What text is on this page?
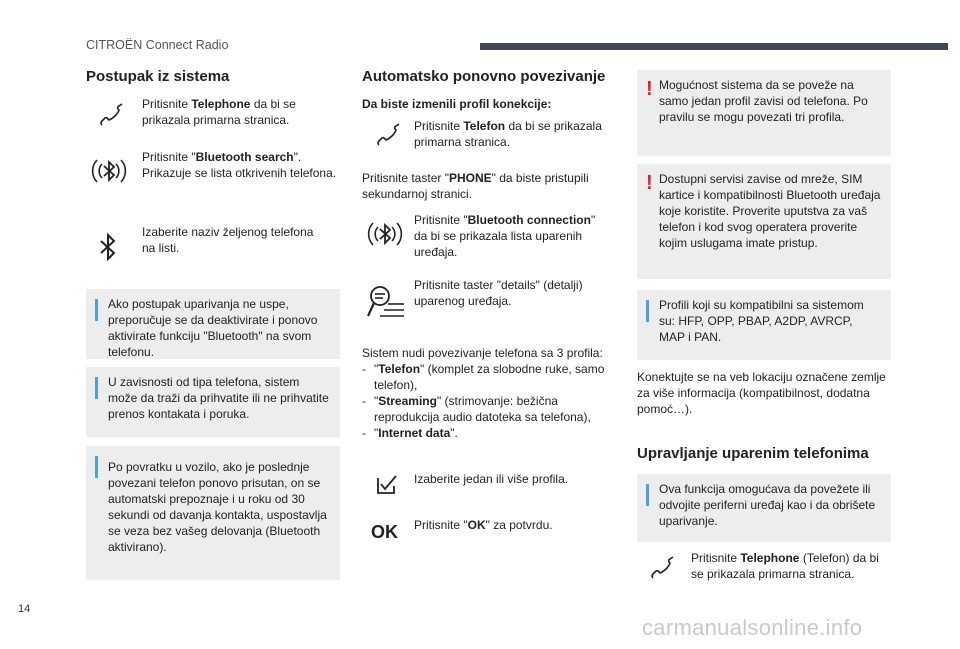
CITROËN Connect Radio
Postupak iz sistema
Pritisnite Telephone da bi se prikazala primarna stranica.
Pritisnite "Bluetooth search". Prikazuje se lista otkrivenih telefona.
Izaberite naziv željenog telefona na listi.
Ako postupak uparivanja ne uspe, preporučuje se da deaktivirate i ponovo aktivirate funkciju "Bluetooth" na svom telefonu.
U zavisnosti od tipa telefona, sistem može da traži da prihvatite ili ne prihvatite prenos kontakata i poruka.
Po povratku u vozilo, ako je poslednje povezani telefon ponovo prisutan, on se automatski prepoznaje i u roku od 30 sekundi od davanja kontakta, uspostavlja se veza bez vašeg delovanja (Bluetooth aktivirano).
Automatsko ponovno povezivanje
Da biste izmenili profil konekcije:
Pritisnite Telefon da bi se prikazala primarna stranica.
Pritisnite taster "PHONE" da biste pristupili sekundarnoj stranici.
Pritisnite "Bluetooth connection" da bi se prikazala lista uparenih uređaja.
Pritisnite taster "details" (detalji) uparenog uređaja.
Sistem nudi povezivanje telefona sa 3 profila:
- "Telefon" (komplet za slobodne ruke, samo telefon),
- "Streaming" (strimovanje: bežična reprodukcija audio datoteka sa telefona),
- "Internet data".
Izaberite jedan ili više profila.
OK Pritisnite "OK" za potvrdu.
! Mogućnost sistema da se poveže na samo jedan profil zavisi od telefona. Po pravilu se mogu povezati tri profila.
! Dostupni servisi zavise od mreže, SIM kartice i kompatibilnosti Bluetooth uređaja koje koristite. Proverite uputstva za vaš telefon i kod svog operatera proverite kojim uslugama imate pristup.
Profili koji su kompatibilni sa sistemom su: HFP, OPP, PBAP, A2DP, AVRCP, MAP i PAN.
Konektujte se na veb lokaciju označene zemlje za više informacija (kompatibilnost, dodatna pomoć…).
Upravljanje uparenim telefonima
Ova funkcija omogućava da povežete ili odvojite periferni uređaj kao i da obrišete uparivanje.
Pritisnite Telephone (Telefon) da bi se prikazala primarna stranica.
14
carmanualsonline.info
